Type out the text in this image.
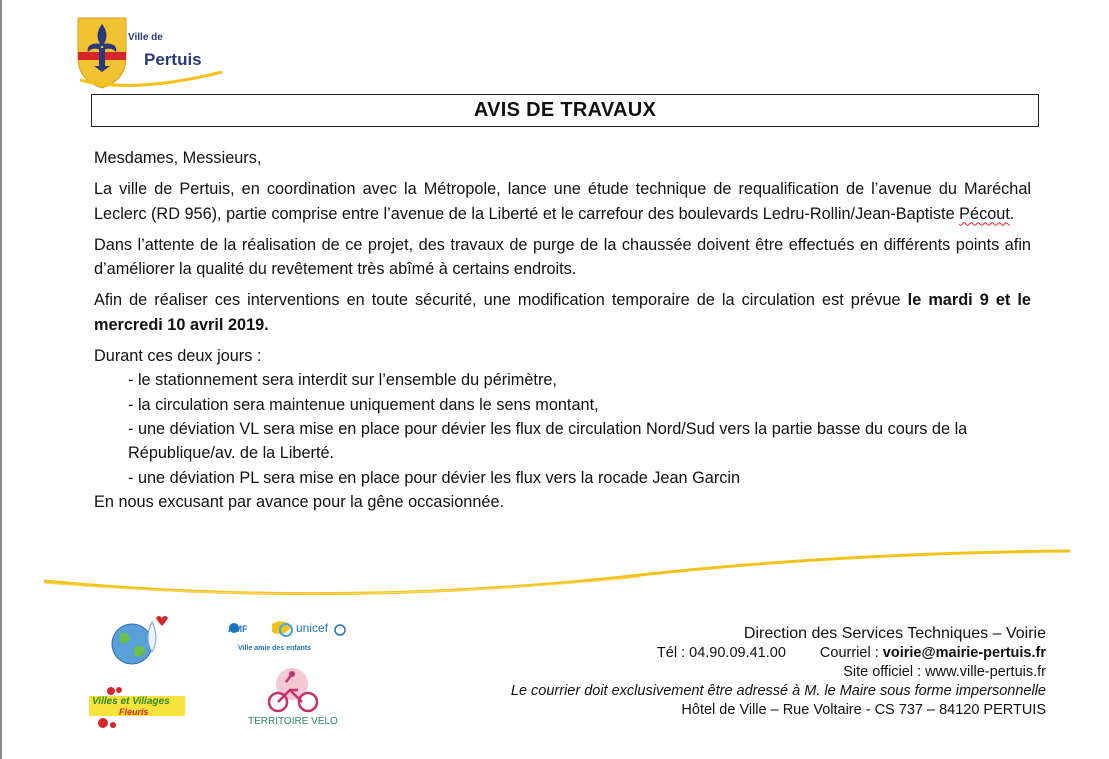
Ville de
Pertuis
AVIS DE TRAVAUX

Mesdames, Messieurs,

La ville de Pertuis, en coordination avec la Métropole, lance une étude technique de requalification de l’avenue du Maréchal Leclerc (RD 956), partie comprise entre l’avenue de la Liberté et le carrefour des boulevards Ledru-Rollin/Jean-Baptiste Pécout.

Dans l’attente de la réalisation de ce projet, des travaux de purge de la chaussée doivent être effectués en différents points afin d’améliorer la qualité du revêtement très abîmé à certains endroits.

Afin de réaliser ces interventions en toute sécurité, une modification temporaire de la circulation est prévue le mardi 9 et le mercredi 10 avril 2019.

Durant ces deux jours :

- le stationnement sera interdit sur l’ensemble du périmètre,
- la circulation sera maintenue uniquement dans le sens montant,
- une déviation VL sera mise en place pour dévier les flux de circulation Nord/Sud vers la partie basse du cours de la République/av. de la Liberté.
- une déviation PL sera mise en place pour dévier les flux vers la rocade Jean Garcin

En nous excusant par avance pour la gêne occasionnée.

AMF	unicef
Ville amie des enfants
Villes et Villages
Fleuris
TERRITOIRE VÉLO
Direction des Services Techniques – Voirie
Tél : 04.90.09.41.00 Courriel : voirie@mairie-pertuis.fr
Site officiel : www.ville-pertuis.fr
Le courrier doit exclusivement être adressé à M. le Maire sous forme impersonnelle
Hôtel de Ville – Rue Voltaire - CS 737 – 84120 PERTUIS
